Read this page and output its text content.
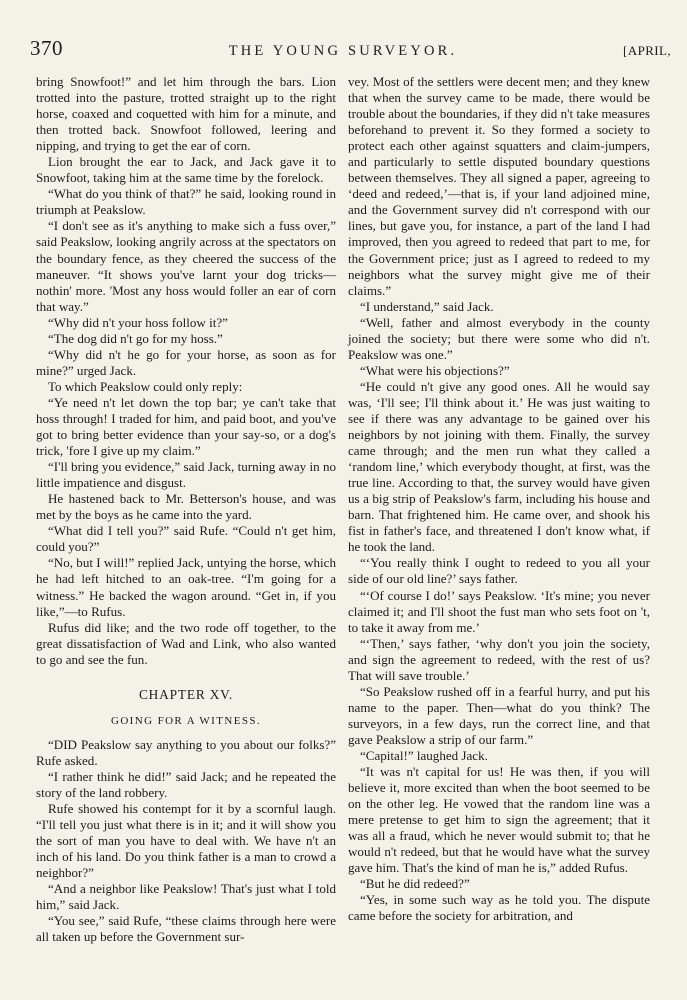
370	THE YOUNG SURVEYOR.	[APRIL,

bring Snowfoot!” and let him through the bars. Lion trotted into the pasture, trotted straight up to the right horse, coaxed and coquetted with him for a minute, and then trotted back. Snowfoot followed, leering and nipping, and trying to get the ear of corn.

Lion brought the ear to Jack, and Jack gave it to Snowfoot, taking him at the same time by the forelock.

“What do you think of that?” he said, looking round in triumph at Peakslow.

“I don't see as it's anything to make sich a fuss over,” said Peakslow, looking angrily across at the spectators on the boundary fence, as they cheered the success of the maneuver. “It shows you've larnt your dog tricks—nothin' more. 'Most any hoss would foller an ear of corn that way.”

“Why did n't your hoss follow it?”

“The dog did n't go for my hoss.”

“Why did n't he go for your horse, as soon as for mine?” urged Jack.

To which Peakslow could only reply:

“Ye need n't let down the top bar; ye can't take that hoss through! I traded for him, and paid boot, and you've got to bring better evidence than your say-so, or a dog's trick, 'fore I give up my claim.”

“I'll bring you evidence,” said Jack, turning away in no little impatience and disgust.

He hastened back to Mr. Betterson's house, and was met by the boys as he came into the yard.

“What did I tell you?” said Rufe. “Could n't get him, could you?”

“No, but I will!” replied Jack, untying the horse, which he had left hitched to an oak-tree. “I'm going for a witness.” He backed the wagon around. “Get in, if you like,”—to Rufus.

Rufus did like; and the two rode off together, to the great dissatisfaction of Wad and Link, who also wanted to go and see the fun.

CHAPTER XV.

GOING FOR A WITNESS.

“DID Peakslow say anything to you about our folks?” Rufe asked.

“I rather think he did!” said Jack; and he repeated the story of the land robbery.

Rufe showed his contempt for it by a scornful laugh. “I'll tell you just what there is in it; and it will show you the sort of man you have to deal with. We have n't an inch of his land. Do you think father is a man to crowd a neighbor?”

“And a neighbor like Peakslow! That's just what I told him,” said Jack.

“You see,” said Rufe, “these claims through here were all taken up before the Government sur-

vey. Most of the settlers were decent men; and they knew that when the survey came to be made, there would be trouble about the boundaries, if they did n't take measures beforehand to prevent it. So they formed a society to protect each other against squatters and claim-jumpers, and particularly to settle disputed boundary questions between themselves. They all signed a paper, agreeing to ‘deed and redeed,’—that is, if your land adjoined mine, and the Government survey did n't correspond with our lines, but gave you, for instance, a part of the land I had improved, then you agreed to redeed that part to me, for the Government price; just as I agreed to redeed to my neighbors what the survey might give me of their claims.”

“I understand,” said Jack.

“Well, father and almost everybody in the county joined the society; but there were some who did n't. Peakslow was one.”

“What were his objections?”

“He could n't give any good ones. All he would say was, ‘I'll see; I'll think about it.’ He was just waiting to see if there was any advantage to be gained over his neighbors by not joining with them. Finally, the survey came through; and the men run what they called a ‘random line,’ which everybody thought, at first, was the true line. According to that, the survey would have given us a big strip of Peakslow's farm, including his house and barn. That frightened him. He came over, and shook his fist in father's face, and threatened I don't know what, if he took the land.

“‘You really think I ought to redeed to you all your side of our old line?’ says father.

“‘Of course I do!’ says Peakslow. ‘It's mine; you never claimed it; and I'll shoot the fust man who sets foot on 't, to take it away from me.’

“‘Then,’ says father, ‘why don't you join the society, and sign the agreement to redeed, with the rest of us? That will save trouble.’

“So Peakslow rushed off in a fearful hurry, and put his name to the paper. Then—what do you think? The surveyors, in a few days, run the correct line, and that gave Peakslow a strip of our farm.”

“Capital!” laughed Jack.

“It was n't capital for us! He was then, if you will believe it, more excited than when the boot seemed to be on the other leg. He vowed that the random line was a mere pretense to get him to sign the agreement; that it was all a fraud, which he never would submit to; that he would n't redeed, but that he would have what the survey gave him. That's the kind of man he is,” added Rufus.

“But he did redeed?”

“Yes, in some such way as he told you. The dispute came before the society for arbitration, and
